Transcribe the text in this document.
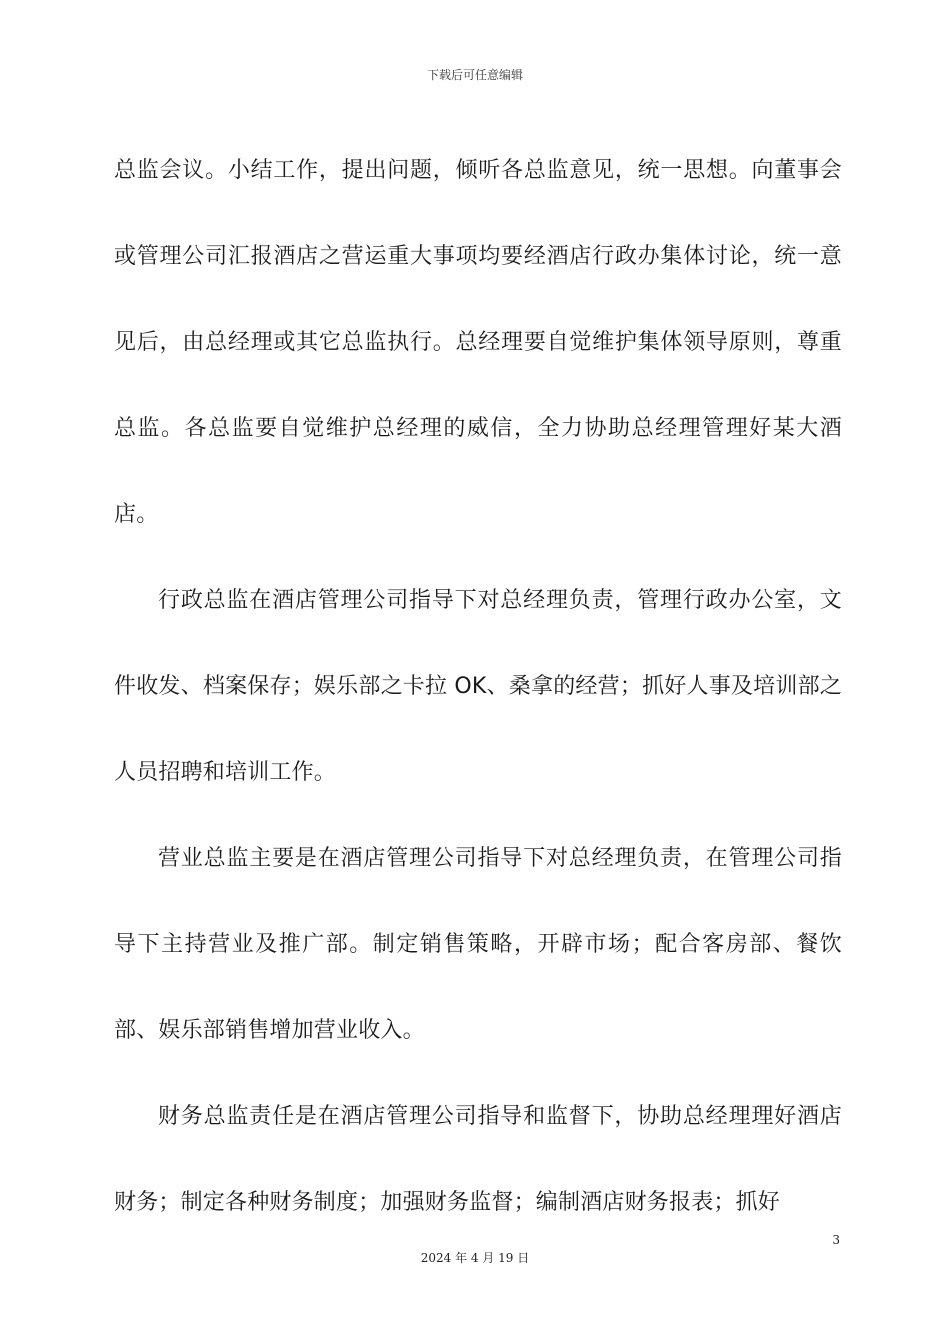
下载后可任意编辑

总监会议。小结工作，提出问题，倾听各总监意见，统一思想。向董事会或管理公司汇报酒店之营运重大事项均要经酒店行政办集体讨论，统一意见后，由总经理或其它总监执行。总经理要自觉维护集体领导原则，尊重总监。各总监要自觉维护总经理的威信，全力协助总经理管理好某大酒店。

行政总监在酒店管理公司指导下对总经理负责，管理行政办公室，文件收发、档案保存；娱乐部之卡拉 OK、桑拿的经营；抓好人事及培训部之人员招聘和培训工作。

营业总监主要是在酒店管理公司指导下对总经理负责，在管理公司指导下主持营业及推广部。制定销售策略，开辟市场；配合客房部、餐饮部、娱乐部销售增加营业收入。

财务总监责任是在酒店管理公司指导和监督下，协助总经理理好酒店财务；制定各种财务制度；加强财务监督；编制酒店财务报表；抓好

3
2024 年 4 月 19 日
